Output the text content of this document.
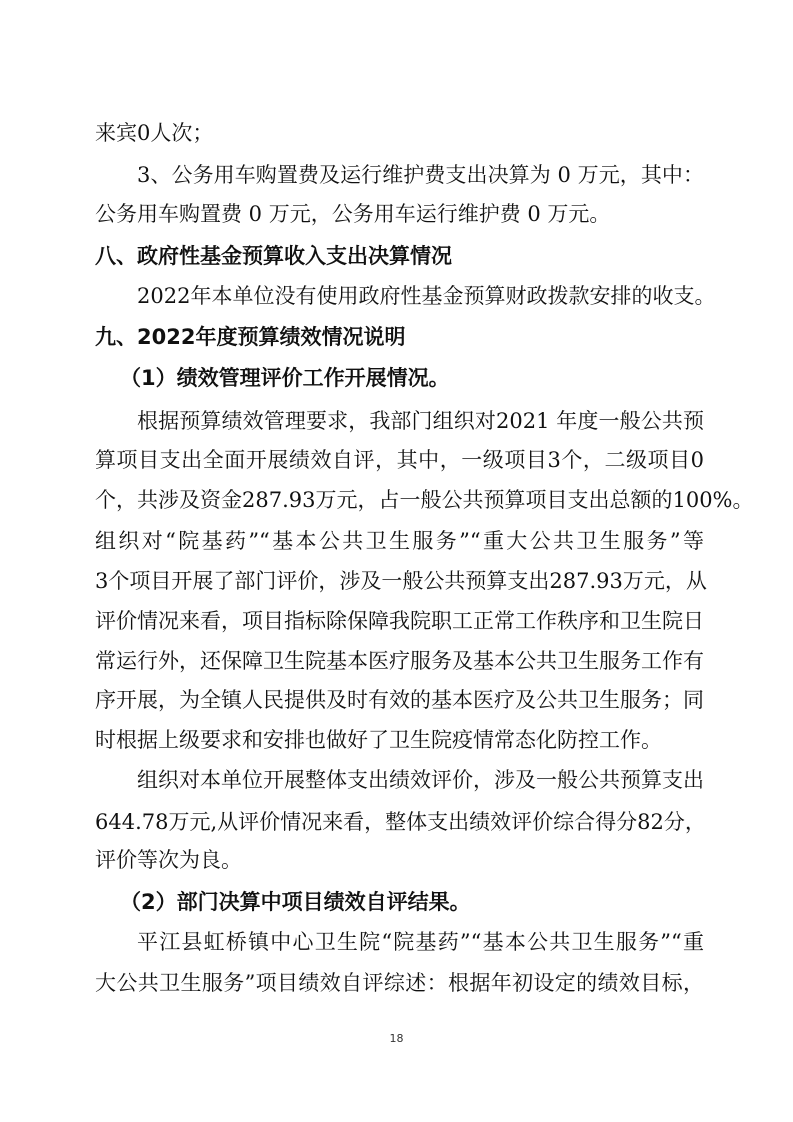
来宾0人次；
3、公务用车购置费及运行维护费支出决算为 0 万元，其中：
公务用车购置费 0 万元，公务用车运行维护费 0 万元。
八、政府性基金预算收入支出决算情况
2022年本单位没有使用政府性基金预算财政拨款安排的收支。
九、2022年度预算绩效情况说明
（1）绩效管理评价工作开展情况。
根据预算绩效管理要求，我部门组织对2021 年度一般公共预
算项目支出全面开展绩效自评，其中，一级项目3个，二级项目0
个，共涉及资金287.93万元，占一般公共预算项目支出总额的100%。
组织对“院基药”“基本公共卫生服务”“重大公共卫生服务”等
3个项目开展了部门评价，涉及一般公共预算支出287.93万元，从
评价情况来看，项目指标除保障我院职工正常工作秩序和卫生院日
常运行外，还保障卫生院基本医疗服务及基本公共卫生服务工作有
序开展，为全镇人民提供及时有效的基本医疗及公共卫生服务；同
时根据上级要求和安排也做好了卫生院疫情常态化防控工作。
组织对本单位开展整体支出绩效评价，涉及一般公共预算支出
644.78万元,从评价情况来看，整体支出绩效评价综合得分82分，
评价等次为良。
（2）部门决算中项目绩效自评结果。
平江县虹桥镇中心卫生院“院基药”“基本公共卫生服务”“重
大公共卫生服务”项目绩效自评综述：根据年初设定的绩效目标，
18
